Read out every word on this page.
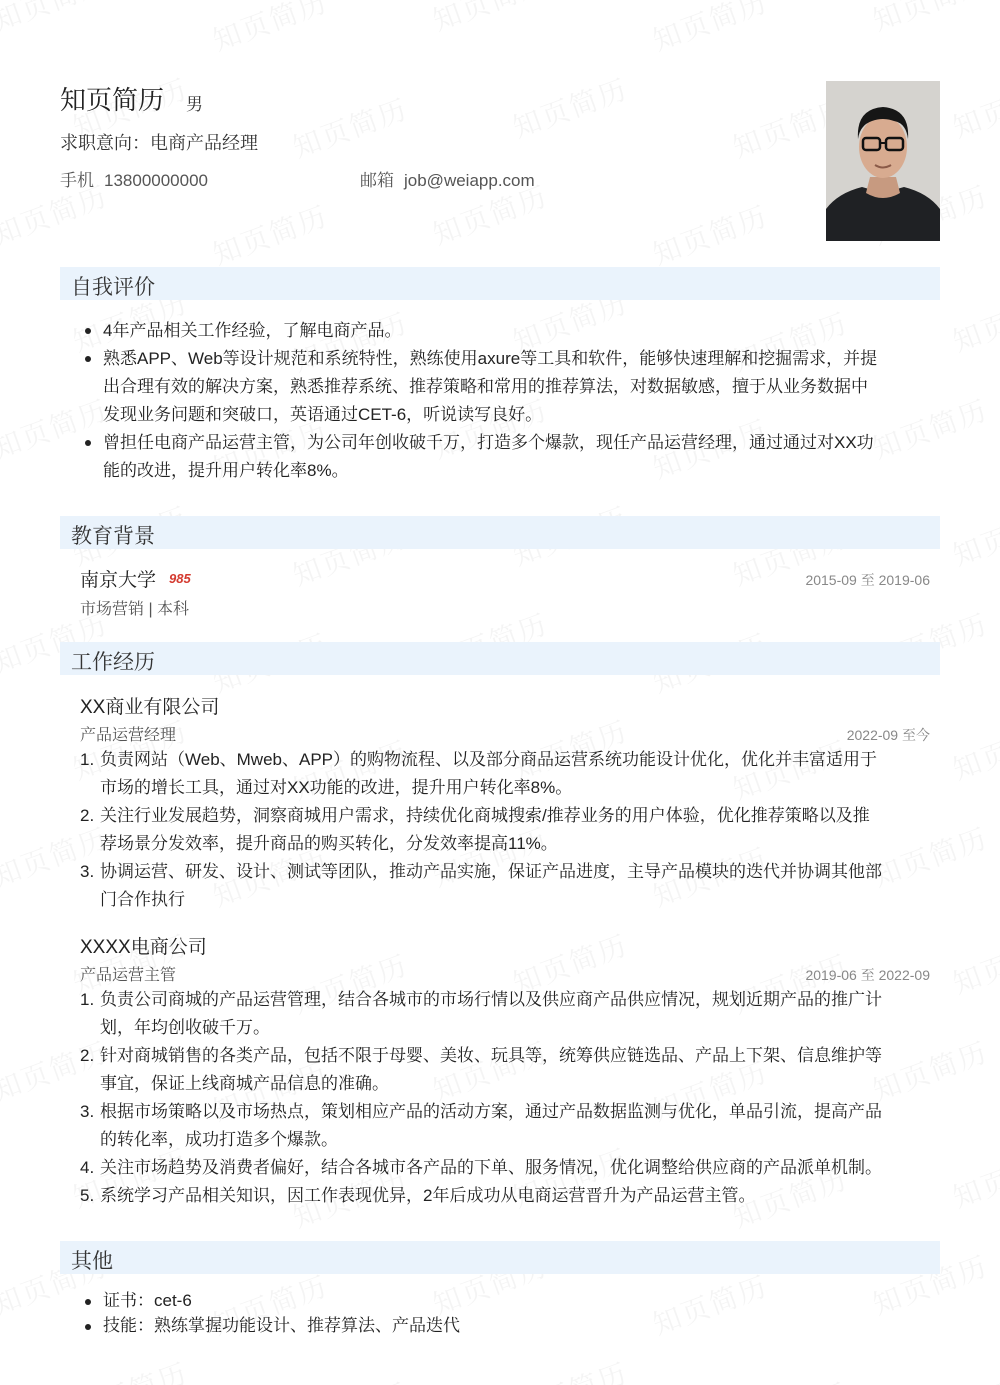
知页简历 男
求职意向：电商产品经理
手机 13800000000	邮箱 job@weiapp.com
自我评价
4年产品相关工作经验，了解电商产品。
熟悉APP、Web等设计规范和系统特性，熟练使用axure等工具和软件，能够快速理解和挖掘需求，并提
出合理有效的解决方案，熟悉推荐系统、推荐策略和常用的推荐算法，对数据敏感，擅于从业务数据中
发现业务问题和突破口，英语通过CET-6，听说读写良好。
曾担任电商产品运营主管，为公司年创收破千万，打造多个爆款，现任产品运营经理，通过通过对XX功
能的改进，提升用户转化率8%。
教育背景
南京大学 985	2015-09 至 2019-06
市场营销 | 本科
工作经历
XX商业有限公司
产品运营经理	2022-09 至今
1. 负责网站（Web、Mweb、APP）的购物流程、以及部分商品运营系统功能设计优化，优化并丰富适用于
市场的增长工具，通过对XX功能的改进，提升用户转化率8%。
2. 关注行业发展趋势，洞察商城用户需求，持续优化商城搜索/推荐业务的用户体验，优化推荐策略以及推
荐场景分发效率，提升商品的购买转化，分发效率提高11%。
3. 协调运营、研发、设计、测试等团队，推动产品实施，保证产品进度，主导产品模块的迭代并协调其他部
门合作执行
XXXX电商公司
产品运营主管	2019-06 至 2022-09
1. 负责公司商城的产品运营管理，结合各城市的市场行情以及供应商产品供应情况，规划近期产品的推广计
划，年均创收破千万。
2. 针对商城销售的各类产品，包括不限于母婴、美妆、玩具等，统筹供应链选品、产品上下架、信息维护等
事宜，保证上线商城产品信息的准确。
3. 根据市场策略以及市场热点，策划相应产品的活动方案，通过产品数据监测与优化，单品引流，提高产品
的转化率，成功打造多个爆款。
4. 关注市场趋势及消费者偏好，结合各城市各产品的下单、服务情况，优化调整给供应商的产品派单机制。
5. 系统学习产品相关知识，因工作表现优异，2年后成功从电商运营晋升为产品运营主管。
其他
证书：cet-6
技能：熟练掌握功能设计、推荐算法、产品迭代
